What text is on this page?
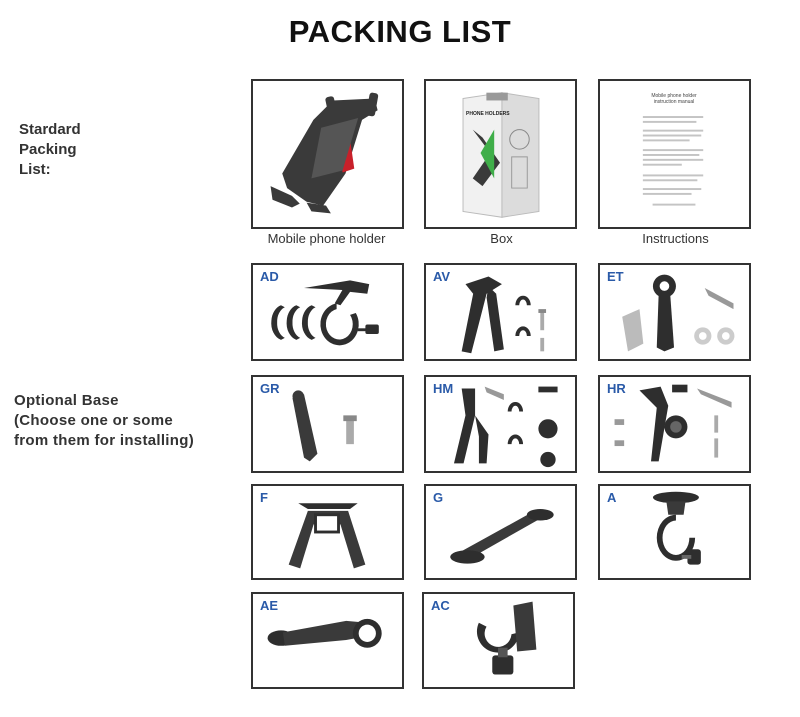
PACKING LIST
Stardard
Packing
List:
Optional Base
(Choose one or some
from them for installing)
Mobile phone holder
PHONE HOLDERS
Box
Mobile phone holder instruction manual
Instructions
AD	AV	ET
GR	HM	HR
F	G	A
AE	AC
